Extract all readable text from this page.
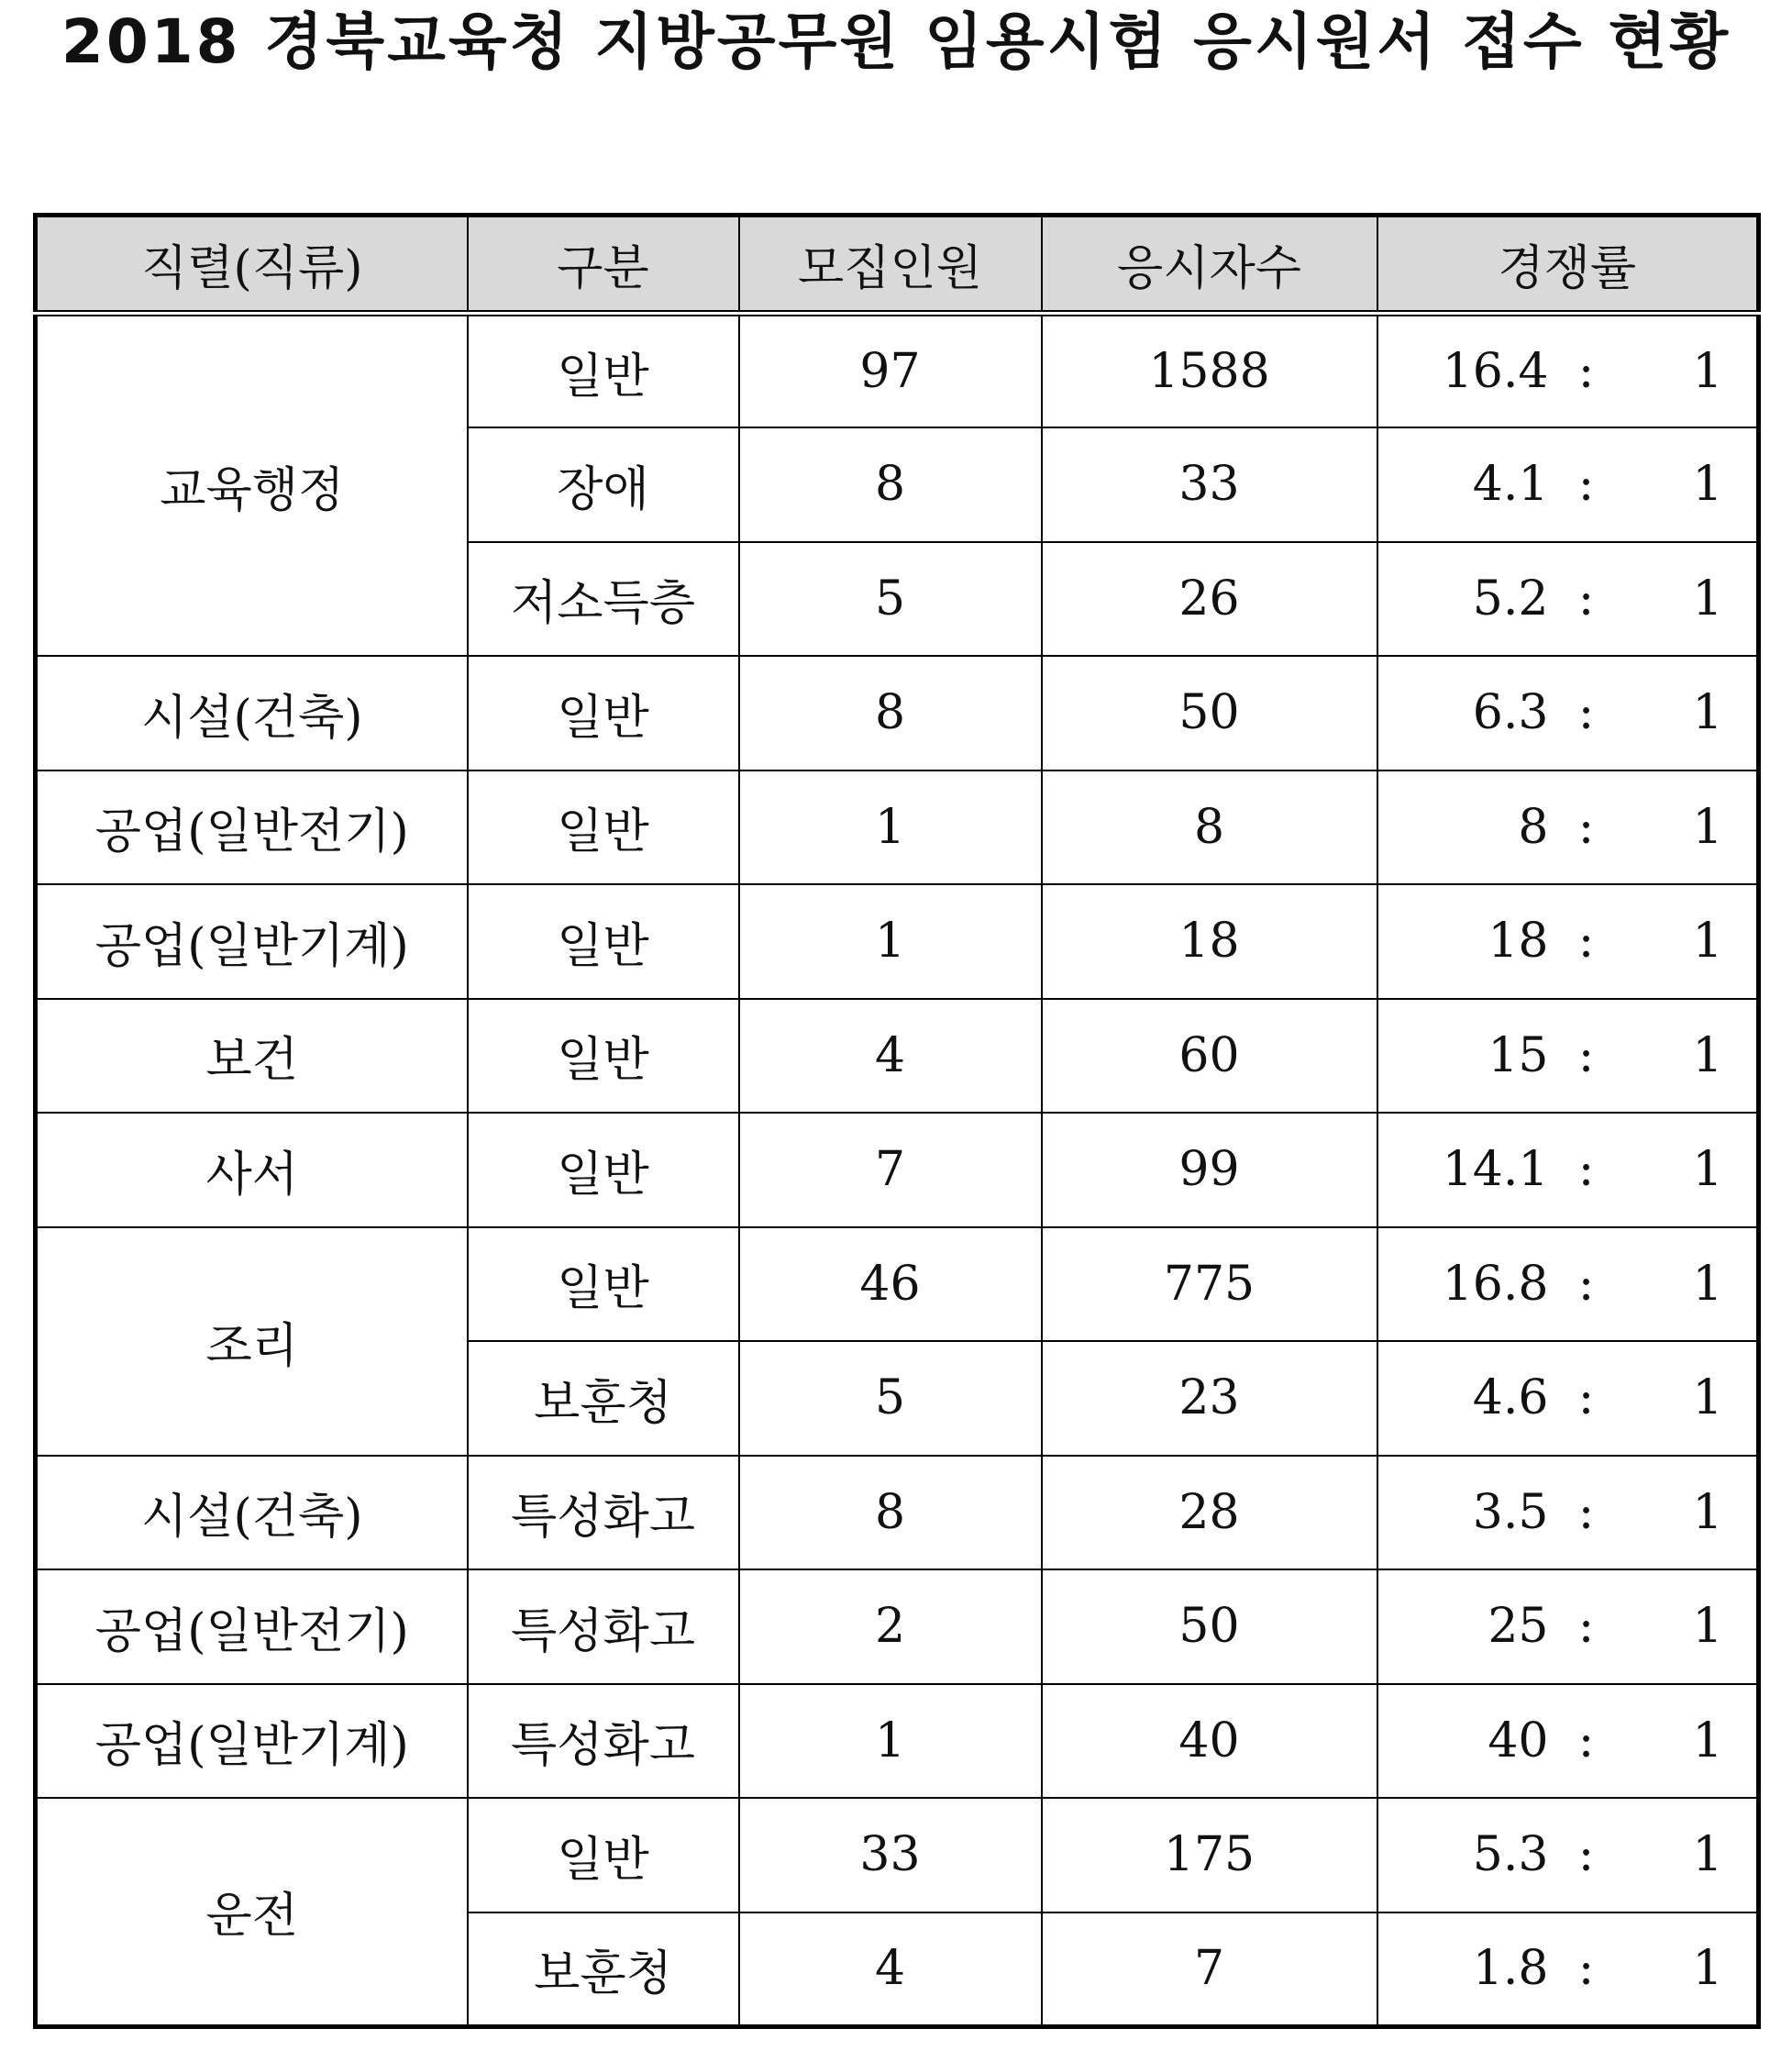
2018 경북교육청 지방공무원 임용시험 응시원서 접수 현황
직렬(직류)	구분	모집인원	응시자수	경쟁률
교육행정	일반	97	1588	16.4 : 1

	장애	8	33	4.1 : 1

	저소득층	5	26	5.2 : 1

시설(건축)	일반	8	50	6.3 : 1

공업(일반전기)	일반	1	8	8 : 1

공업(일반기계)	일반	1	18	18 : 1

보건	일반	4	60	15 : 1

사서	일반	7	99	14.1 : 1

조리	일반	46	775	16.8 : 1

	보훈청	5	23	4.6 : 1

시설(건축)	특성화고	8	28	3.5 : 1

공업(일반전기)	특성화고	2	50	25 : 1

공업(일반기계)	특성화고	1	40	40 : 1

운전	일반	33	175	5.3 : 1

	보훈청	4	7	1.8 : 1
